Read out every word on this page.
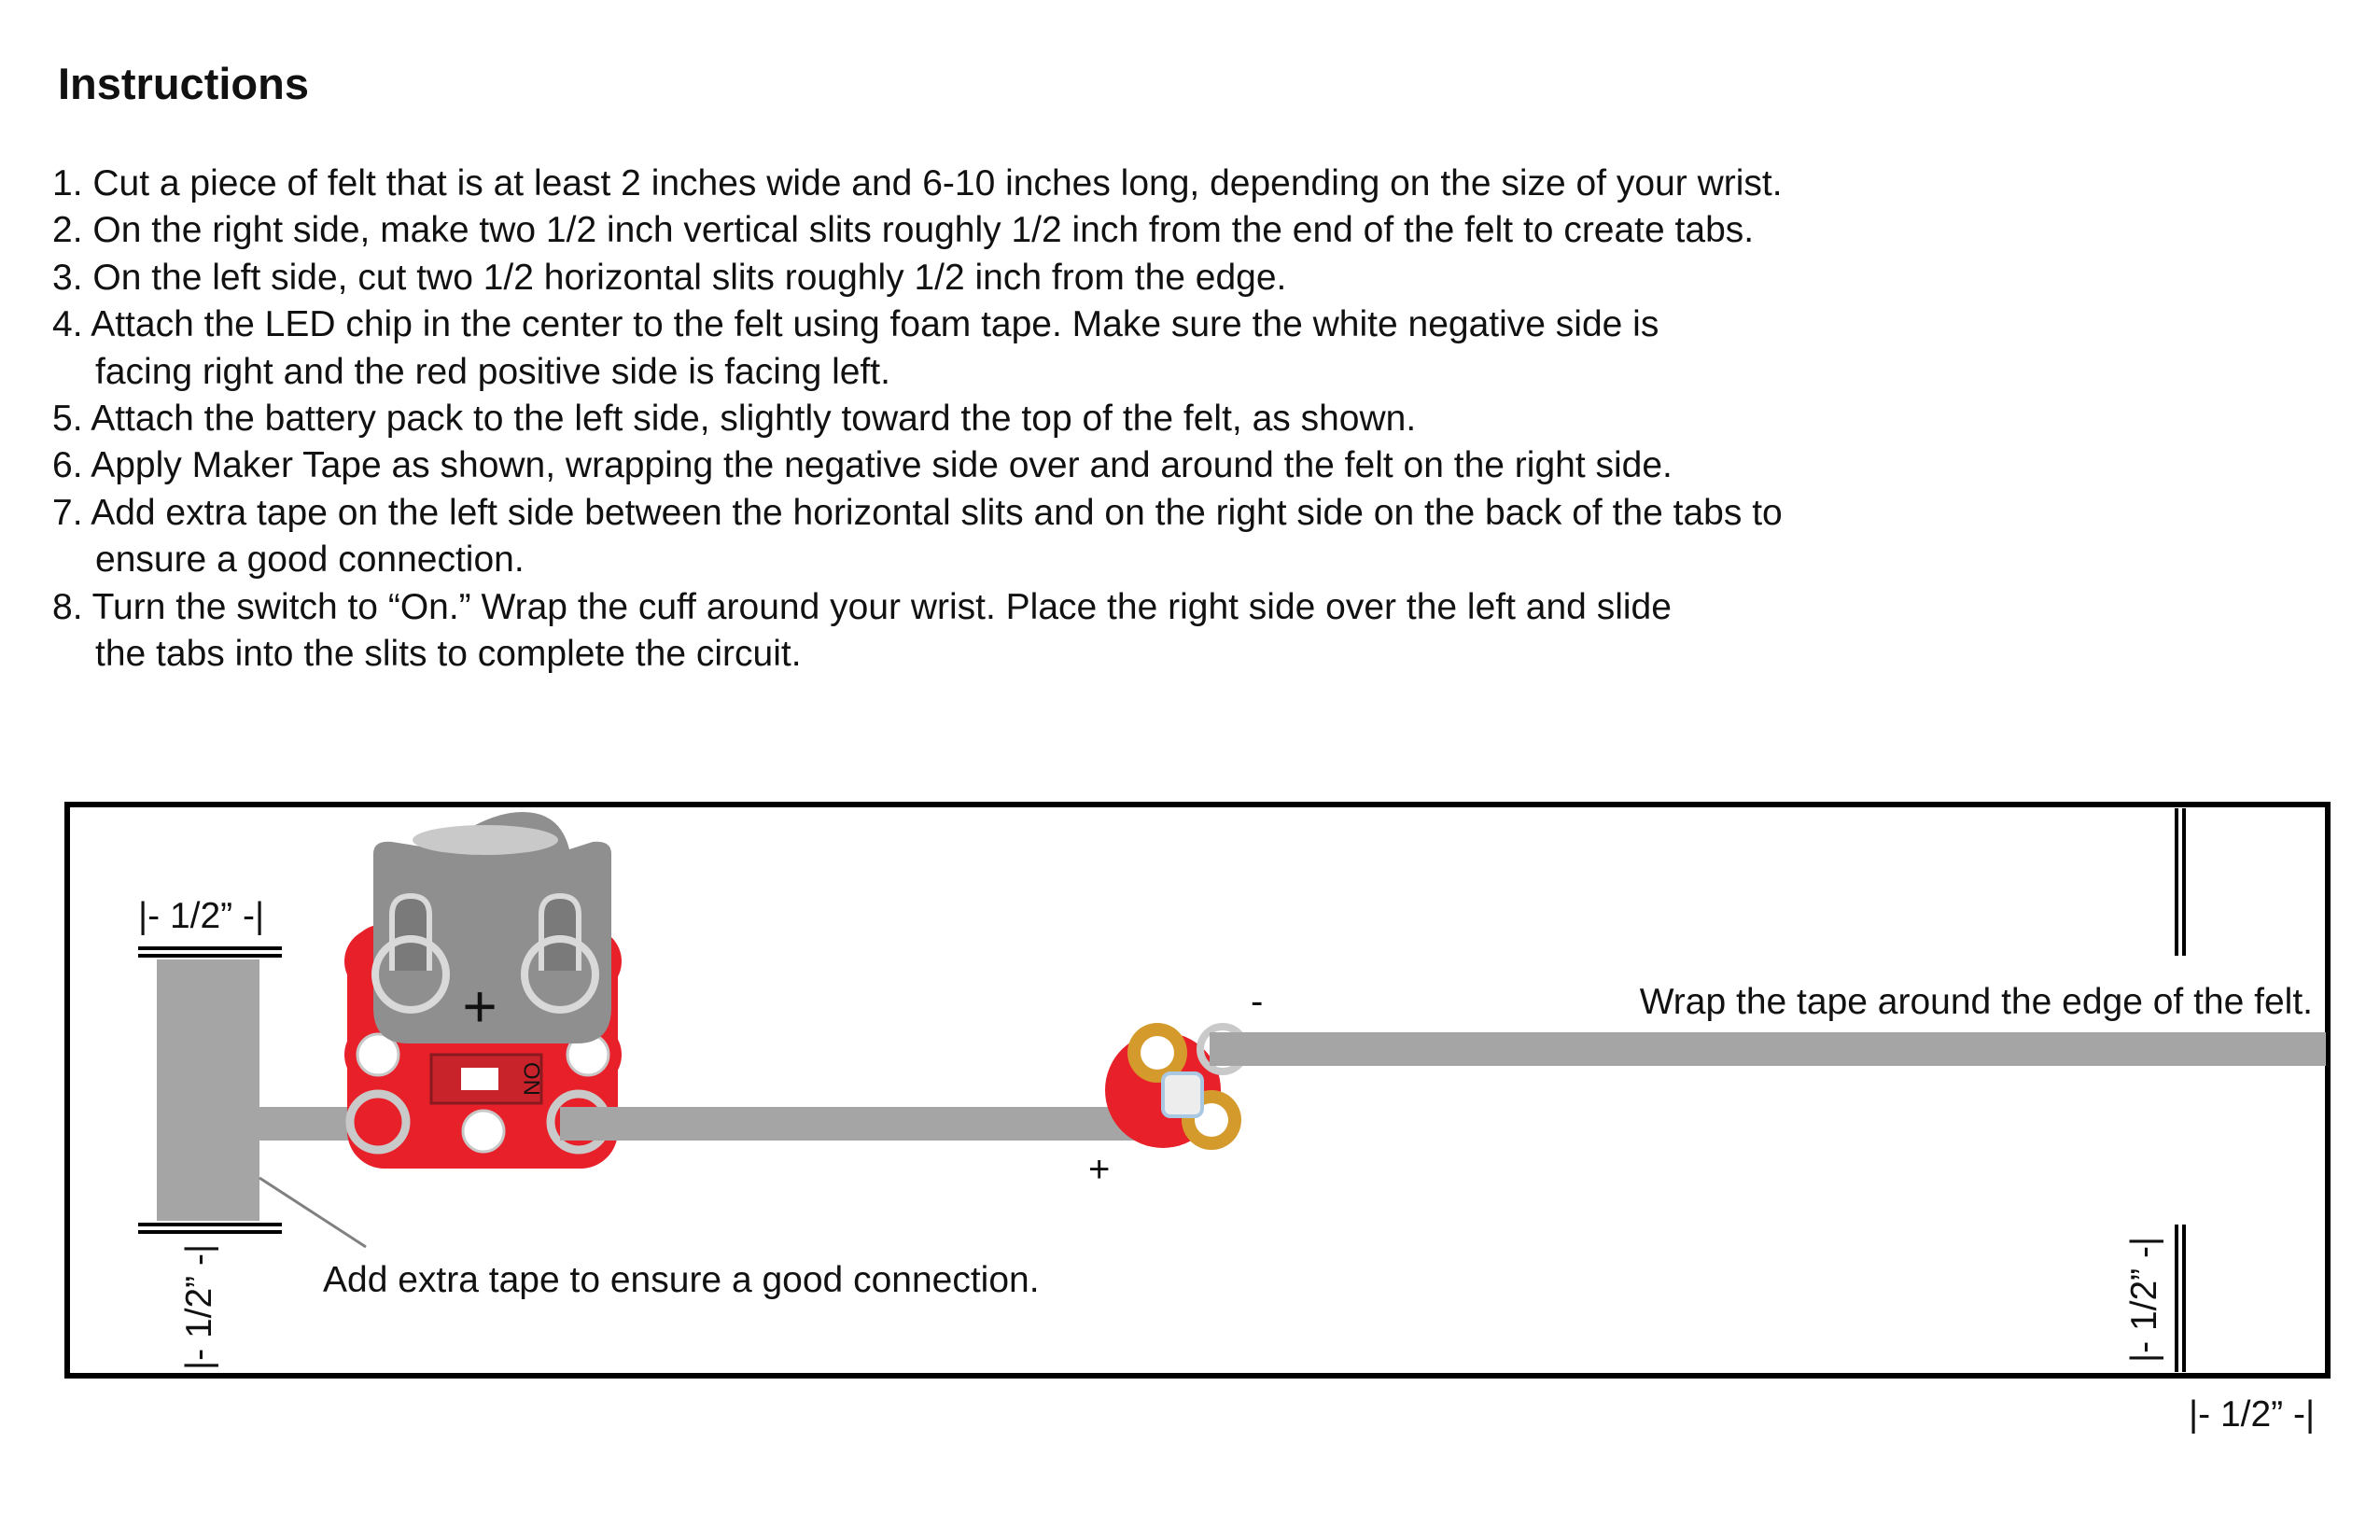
Instructions
1. Cut a piece of felt that is at least 2 inches wide and 6-10 inches long, depending on the size of your wrist.
2. On the right side, make two 1/2 inch vertical slits roughly 1/2 inch from the end of the felt to create tabs.
3. On the left side, cut two 1/2 horizontal slits roughly 1/2 inch from the edge.
4. Attach the LED chip in the center to the felt using foam tape. Make sure the white negative side is
facing right and the red positive side is facing left.
5. Attach the battery pack to the left side, slightly toward the top of the felt, as shown.
6. Apply Maker Tape as shown, wrapping the negative side over and around the felt on the right side.
7. Add extra tape on the left side between the horizontal slits and on the right side on the back of the tabs to
ensure a good connection.
8. Turn the switch to “On.” Wrap the cuff around your wrist. Place the right side over the left and slide
the tabs into the slits to complete the circuit.
+
ON
|- 1/2” -|
|- 1/2” -|	|- 1/2” -|
|- 1/2” -|
-
+
Wrap the tape around the edge of the felt.
Add extra tape to ensure a good connection.
